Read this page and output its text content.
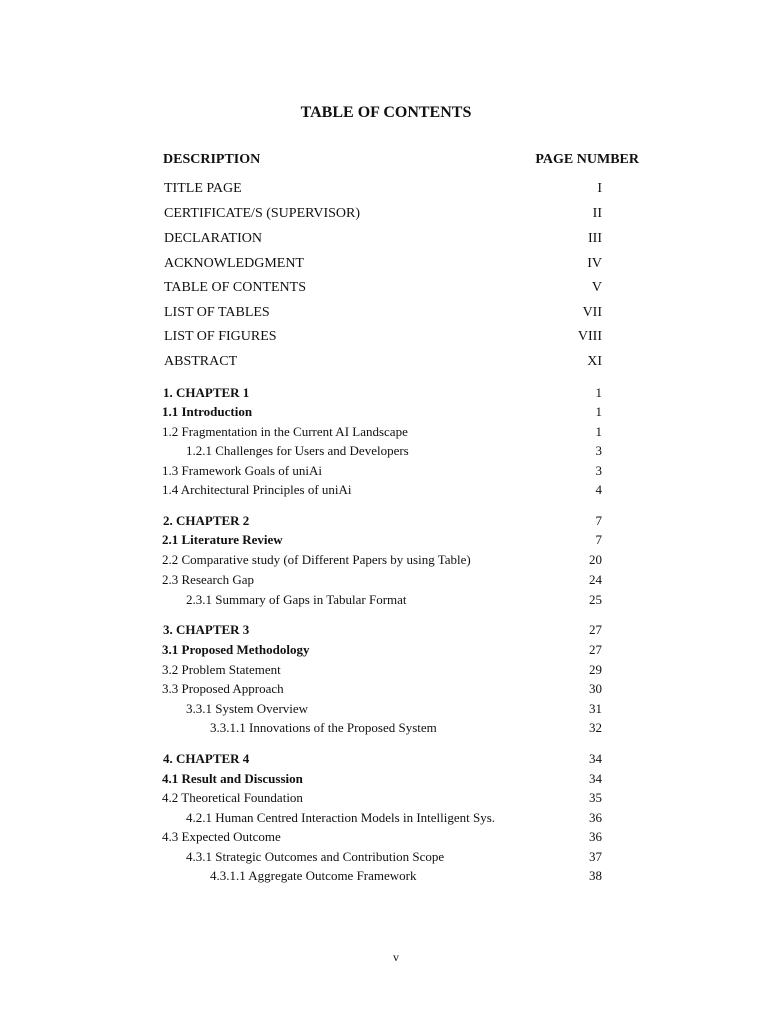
TABLE OF CONTENTS
DESCRIPTION	PAGE NUMBER
TITLE PAGE	I
CERTIFICATE/S (SUPERVISOR)	II
DECLARATION	III
ACKNOWLEDGMENT	IV
TABLE OF CONTENTS	V
LIST OF TABLES	VII
LIST OF FIGURES	VIII
ABSTRACT	XI
1. CHAPTER 1	1
1.1 Introduction	1
1.2 Fragmentation in the Current AI Landscape	1
1.2.1 Challenges for Users and Developers	3
1.3 Framework Goals of uniAi	3
1.4 Architectural Principles of uniAi	4
2. CHAPTER 2	7
2.1 Literature Review	7
2.2 Comparative study (of Different Papers by using Table)	20
2.3 Research Gap	24
2.3.1 Summary of Gaps in Tabular Format	25
3. CHAPTER 3	27
3.1 Proposed Methodology	27
3.2 Problem Statement	29
3.3 Proposed Approach	30
3.3.1 System Overview	31
3.3.1.1 Innovations of the Proposed System	32
4. CHAPTER 4	34
4.1 Result and Discussion	34
4.2 Theoretical Foundation	35
4.2.1 Human Centred Interaction Models in Intelligent Sys.	36
4.3 Expected Outcome	36
4.3.1 Strategic Outcomes and Contribution Scope	37
4.3.1.1 Aggregate Outcome Framework	38
v
